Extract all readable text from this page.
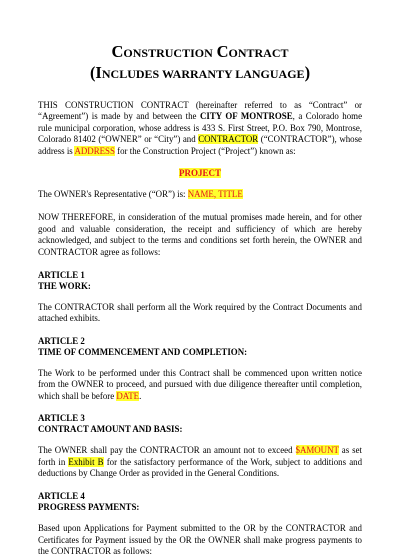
CONSTRUCTION CONTRACT
(INCLUDES WARRANTY LANGUAGE)

THIS CONSTRUCTION CONTRACT (hereinafter referred to as “Contract” or “Agreement”) is made by and between the CITY OF MONTROSE, a Colorado home rule municipal corporation, whose address is 433 S. First Street, P.O. Box 790, Montrose, Colorado 81402 (“OWNER” or “City”) and CONTRACTOR (“CONTRACTOR”), whose address is ADDRESS for the Construction Project (“Project”) known as:

PROJECT

The OWNER's Representative (“OR”) is: NAME, TITLE

NOW THEREFORE, in consideration of the mutual promises made herein, and for other good and valuable consideration, the receipt and sufficiency of which are hereby acknowledged, and subject to the terms and conditions set forth herein, the OWNER and CONTRACTOR agree as follows:

ARTICLE 1

THE WORK:

The CONTRACTOR shall perform all the Work required by the Contract Documents and attached exhibits.

ARTICLE 2

TIME OF COMMENCEMENT AND COMPLETION:

The Work to be performed under this Contract shall be commenced upon written notice from the OWNER to proceed, and pursued with due diligence thereafter until completion, which shall be before DATE.

ARTICLE 3

CONTRACT AMOUNT AND BASIS:

The OWNER shall pay the CONTRACTOR an amount not to exceed $AMOUNT as set forth in Exhibit B for the satisfactory performance of the Work, subject to additions and deductions by Change Order as provided in the General Conditions.

ARTICLE 4

PROGRESS PAYMENTS:

Based upon Applications for Payment submitted to the OR by the CONTRACTOR and Certificates for Payment issued by the OR the OWNER shall make progress payments to the CONTRACTOR as follows:
